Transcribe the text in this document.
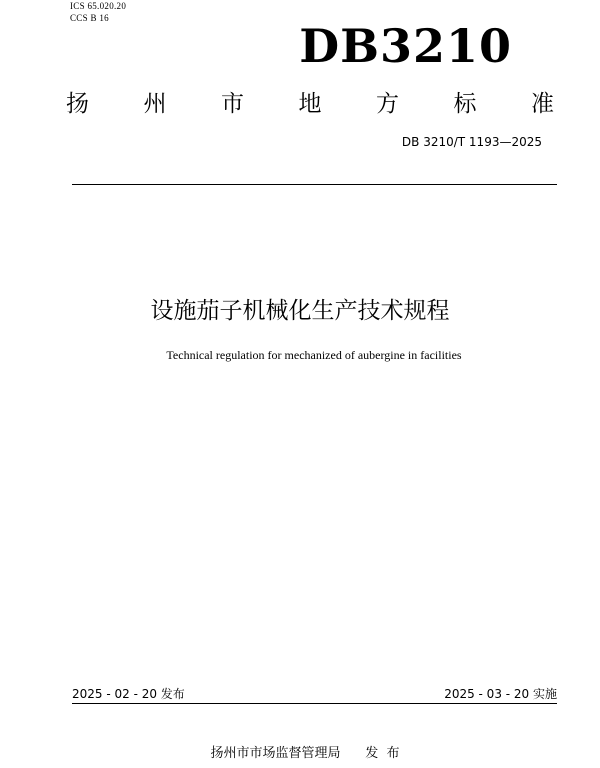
ICS 65.020.20
CCS B 16
DB3210
扬 州 市 地 方 标 准
DB 3210/T 1193—2025
设施茄子机械化生产技术规程
Technical regulation for mechanized of aubergine in facilities
2025 - 02 - 20 发布	2025 - 03 - 20 实施
扬州市市场监督管理局      发  布
